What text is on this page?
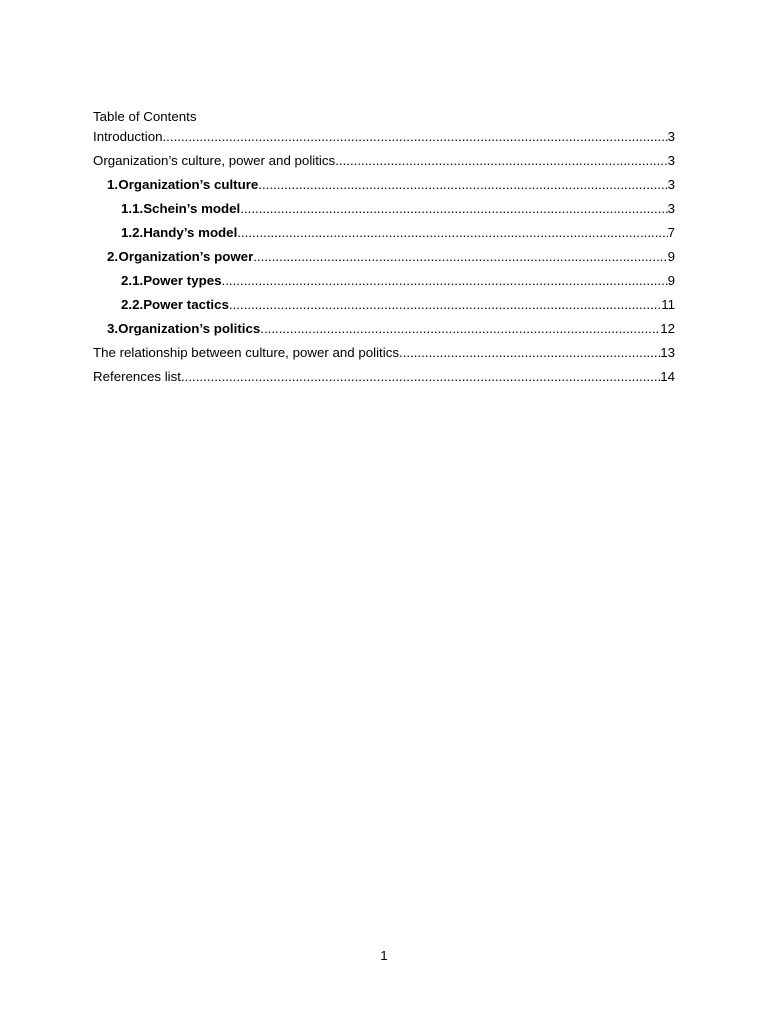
Table of Contents
Introduction .....	3
Organization’s culture, power and politics .....	3
1. Organization’s culture .....	3
1.1. Schein’s model .....	3
1.2. Handy’s model .....	7
2. Organization’s power .....	9
2.1. Power types .....	9
2.2. Power tactics .....	11
3. Organization’s politics .....	12
The relationship between culture, power and politics .....	13
References list .....	14
1
